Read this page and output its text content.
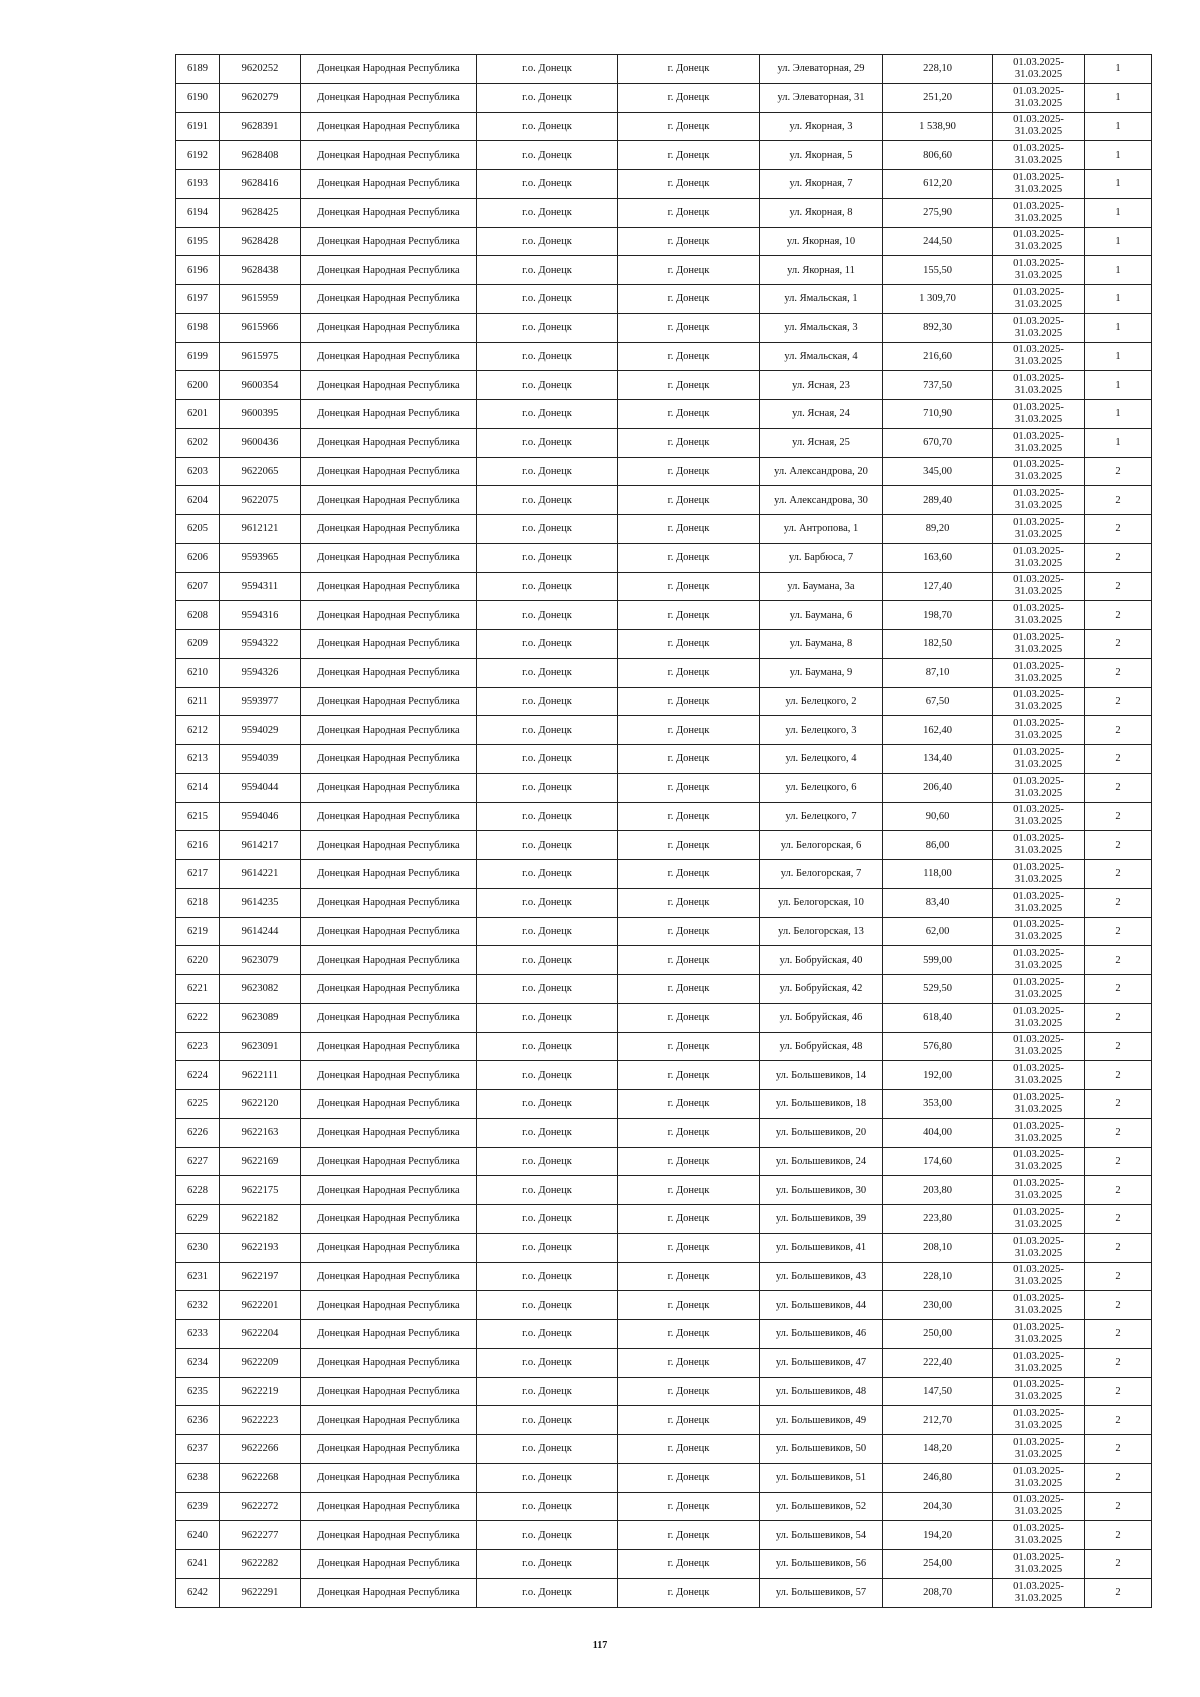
6189	9620252	Донецкая Народная Республика	г.о. Донецк	г. Донецк	ул. Элеваторная, 29	228,10	01.03.2025- 31.03.2025	1
6190	9620279	Донецкая Народная Республика	г.о. Донецк	г. Донецк	ул. Элеваторная, 31	251,20	01.03.2025- 31.03.2025	1
6191	9628391	Донецкая Народная Республика	г.о. Донецк	г. Донецк	ул. Якорная, 3	1 538,90	01.03.2025- 31.03.2025	1
6192	9628408	Донецкая Народная Республика	г.о. Донецк	г. Донецк	ул. Якорная, 5	806,60	01.03.2025- 31.03.2025	1
6193	9628416	Донецкая Народная Республика	г.о. Донецк	г. Донецк	ул. Якорная, 7	612,20	01.03.2025- 31.03.2025	1
6194	9628425	Донецкая Народная Республика	г.о. Донецк	г. Донецк	ул. Якорная, 8	275,90	01.03.2025- 31.03.2025	1
6195	9628428	Донецкая Народная Республика	г.о. Донецк	г. Донецк	ул. Якорная, 10	244,50	01.03.2025- 31.03.2025	1
6196	9628438	Донецкая Народная Республика	г.о. Донецк	г. Донецк	ул. Якорная, 11	155,50	01.03.2025- 31.03.2025	1
6197	9615959	Донецкая Народная Республика	г.о. Донецк	г. Донецк	ул. Ямальская, 1	1 309,70	01.03.2025- 31.03.2025	1
6198	9615966	Донецкая Народная Республика	г.о. Донецк	г. Донецк	ул. Ямальская, 3	892,30	01.03.2025- 31.03.2025	1
6199	9615975	Донецкая Народная Республика	г.о. Донецк	г. Донецк	ул. Ямальская, 4	216,60	01.03.2025- 31.03.2025	1
6200	9600354	Донецкая Народная Республика	г.о. Донецк	г. Донецк	ул. Ясная, 23	737,50	01.03.2025- 31.03.2025	1
6201	9600395	Донецкая Народная Республика	г.о. Донецк	г. Донецк	ул. Ясная, 24	710,90	01.03.2025- 31.03.2025	1
6202	9600436	Донецкая Народная Республика	г.о. Донецк	г. Донецк	ул. Ясная, 25	670,70	01.03.2025- 31.03.2025	1
6203	9622065	Донецкая Народная Республика	г.о. Донецк	г. Донецк	ул. Александрова, 20	345,00	01.03.2025- 31.03.2025	2
6204	9622075	Донецкая Народная Республика	г.о. Донецк	г. Донецк	ул. Александрова, 30	289,40	01.03.2025- 31.03.2025	2
6205	9612121	Донецкая Народная Республика	г.о. Донецк	г. Донецк	ул. Антропова, 1	89,20	01.03.2025- 31.03.2025	2
6206	9593965	Донецкая Народная Республика	г.о. Донецк	г. Донецк	ул. Барбюса, 7	163,60	01.03.2025- 31.03.2025	2
6207	9594311	Донецкая Народная Республика	г.о. Донецк	г. Донецк	ул. Баумана, 3а	127,40	01.03.2025- 31.03.2025	2
6208	9594316	Донецкая Народная Республика	г.о. Донецк	г. Донецк	ул. Баумана, 6	198,70	01.03.2025- 31.03.2025	2
6209	9594322	Донецкая Народная Республика	г.о. Донецк	г. Донецк	ул. Баумана, 8	182,50	01.03.2025- 31.03.2025	2
6210	9594326	Донецкая Народная Республика	г.о. Донецк	г. Донецк	ул. Баумана, 9	87,10	01.03.2025- 31.03.2025	2
6211	9593977	Донецкая Народная Республика	г.о. Донецк	г. Донецк	ул. Белецкого, 2	67,50	01.03.2025- 31.03.2025	2
6212	9594029	Донецкая Народная Республика	г.о. Донецк	г. Донецк	ул. Белецкого, 3	162,40	01.03.2025- 31.03.2025	2
6213	9594039	Донецкая Народная Республика	г.о. Донецк	г. Донецк	ул. Белецкого, 4	134,40	01.03.2025- 31.03.2025	2
6214	9594044	Донецкая Народная Республика	г.о. Донецк	г. Донецк	ул. Белецкого, 6	206,40	01.03.2025- 31.03.2025	2
6215	9594046	Донецкая Народная Республика	г.о. Донецк	г. Донецк	ул. Белецкого, 7	90,60	01.03.2025- 31.03.2025	2
6216	9614217	Донецкая Народная Республика	г.о. Донецк	г. Донецк	ул. Белогорская, 6	86,00	01.03.2025- 31.03.2025	2
6217	9614221	Донецкая Народная Республика	г.о. Донецк	г. Донецк	ул. Белогорская, 7	118,00	01.03.2025- 31.03.2025	2
6218	9614235	Донецкая Народная Республика	г.о. Донецк	г. Донецк	ул. Белогорская, 10	83,40	01.03.2025- 31.03.2025	2
6219	9614244	Донецкая Народная Республика	г.о. Донецк	г. Донецк	ул. Белогорская, 13	62,00	01.03.2025- 31.03.2025	2
6220	9623079	Донецкая Народная Республика	г.о. Донецк	г. Донецк	ул. Бобруйская, 40	599,00	01.03.2025- 31.03.2025	2
6221	9623082	Донецкая Народная Республика	г.о. Донецк	г. Донецк	ул. Бобруйская, 42	529,50	01.03.2025- 31.03.2025	2
6222	9623089	Донецкая Народная Республика	г.о. Донецк	г. Донецк	ул. Бобруйская, 46	618,40	01.03.2025- 31.03.2025	2
6223	9623091	Донецкая Народная Республика	г.о. Донецк	г. Донецк	ул. Бобруйская, 48	576,80	01.03.2025- 31.03.2025	2
6224	9622111	Донецкая Народная Республика	г.о. Донецк	г. Донецк	ул. Большевиков, 14	192,00	01.03.2025- 31.03.2025	2
6225	9622120	Донецкая Народная Республика	г.о. Донецк	г. Донецк	ул. Большевиков, 18	353,00	01.03.2025- 31.03.2025	2
6226	9622163	Донецкая Народная Республика	г.о. Донецк	г. Донецк	ул. Большевиков, 20	404,00	01.03.2025- 31.03.2025	2
6227	9622169	Донецкая Народная Республика	г.о. Донецк	г. Донецк	ул. Большевиков, 24	174,60	01.03.2025- 31.03.2025	2
6228	9622175	Донецкая Народная Республика	г.о. Донецк	г. Донецк	ул. Большевиков, 30	203,80	01.03.2025- 31.03.2025	2
6229	9622182	Донецкая Народная Республика	г.о. Донецк	г. Донецк	ул. Большевиков, 39	223,80	01.03.2025- 31.03.2025	2
6230	9622193	Донецкая Народная Республика	г.о. Донецк	г. Донецк	ул. Большевиков, 41	208,10	01.03.2025- 31.03.2025	2
6231	9622197	Донецкая Народная Республика	г.о. Донецк	г. Донецк	ул. Большевиков, 43	228,10	01.03.2025- 31.03.2025	2
6232	9622201	Донецкая Народная Республика	г.о. Донецк	г. Донецк	ул. Большевиков, 44	230,00	01.03.2025- 31.03.2025	2
6233	9622204	Донецкая Народная Республика	г.о. Донецк	г. Донецк	ул. Большевиков, 46	250,00	01.03.2025- 31.03.2025	2
6234	9622209	Донецкая Народная Республика	г.о. Донецк	г. Донецк	ул. Большевиков, 47	222,40	01.03.2025- 31.03.2025	2
6235	9622219	Донецкая Народная Республика	г.о. Донецк	г. Донецк	ул. Большевиков, 48	147,50	01.03.2025- 31.03.2025	2
6236	9622223	Донецкая Народная Республика	г.о. Донецк	г. Донецк	ул. Большевиков, 49	212,70	01.03.2025- 31.03.2025	2
6237	9622266	Донецкая Народная Республика	г.о. Донецк	г. Донецк	ул. Большевиков, 50	148,20	01.03.2025- 31.03.2025	2
6238	9622268	Донецкая Народная Республика	г.о. Донецк	г. Донецк	ул. Большевиков, 51	246,80	01.03.2025- 31.03.2025	2
6239	9622272	Донецкая Народная Республика	г.о. Донецк	г. Донецк	ул. Большевиков, 52	204,30	01.03.2025- 31.03.2025	2
6240	9622277	Донецкая Народная Республика	г.о. Донецк	г. Донецк	ул. Большевиков, 54	194,20	01.03.2025- 31.03.2025	2
6241	9622282	Донецкая Народная Республика	г.о. Донецк	г. Донецк	ул. Большевиков, 56	254,00	01.03.2025- 31.03.2025	2
6242	9622291	Донецкая Народная Республика	г.о. Донецк	г. Донецк	ул. Большевиков, 57	208,70	01.03.2025- 31.03.2025	2
117
